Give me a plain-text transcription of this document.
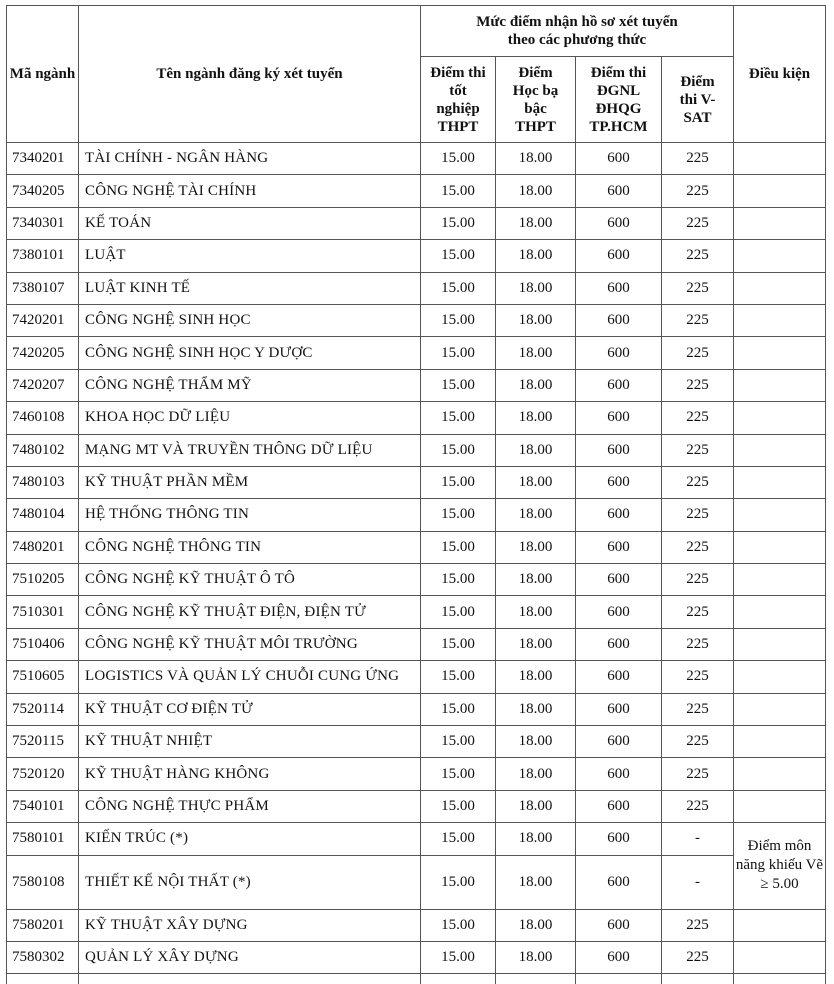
Mã ngành	Tên ngành đăng ký xét tuyển	Mức điểm nhận hồ sơ xét tuyển theo các phương thức				Điều kiện
		Điểm thi tốt nghiệp THPT	Điểm Học bạ bậc THPT	Điểm thi ĐGNL ĐHQG TP.HCM	Điểm thi V-SAT	
7340201	TÀI CHÍNH - NGÂN HÀNG	15.00	18.00	600	225	
7340205	CÔNG NGHỆ TÀI CHÍNH	15.00	18.00	600	225	
7340301	KẾ TOÁN	15.00	18.00	600	225	
7380101	LUẬT	15.00	18.00	600	225	
7380107	LUẬT KINH TẾ	15.00	18.00	600	225	
7420201	CÔNG NGHỆ SINH HỌC	15.00	18.00	600	225	
7420205	CÔNG NGHỆ SINH HỌC Y DƯỢC	15.00	18.00	600	225	
7420207	CÔNG NGHỆ THẨM MỸ	15.00	18.00	600	225	
7460108	KHOA HỌC DỮ LIỆU	15.00	18.00	600	225	
7480102	MẠNG MT VÀ TRUYỀN THÔNG DỮ LIỆU	15.00	18.00	600	225	
7480103	KỸ THUẬT PHẦN MỀM	15.00	18.00	600	225	
7480104	HỆ THỐNG THÔNG TIN	15.00	18.00	600	225	
7480201	CÔNG NGHỆ THÔNG TIN	15.00	18.00	600	225	
7510205	CÔNG NGHỆ KỸ THUẬT Ô TÔ	15.00	18.00	600	225	
7510301	CÔNG NGHỆ KỸ THUẬT ĐIỆN, ĐIỆN TỬ	15.00	18.00	600	225	
7510406	CÔNG NGHỆ KỸ THUẬT MÔI TRƯỜNG	15.00	18.00	600	225	
7510605	LOGISTICS VÀ QUẢN LÝ CHUỖI CUNG ỨNG	15.00	18.00	600	225	
7520114	KỸ THUẬT CƠ ĐIỆN TỬ	15.00	18.00	600	225	
7520115	KỸ THUẬT NHIỆT	15.00	18.00	600	225	
7520120	KỸ THUẬT HÀNG KHÔNG	15.00	18.00	600	225	
7540101	CÔNG NGHỆ THỰC PHẨM	15.00	18.00	600	225	
7580101	KIẾN TRÚC (*)	15.00	18.00	600	-	Điểm môn năng khiếu Vẽ ≥ 5.00
7580108	THIẾT KẾ NỘI THẤT (*)	15.00	18.00	600	-	
7580201	KỸ THUẬT XÂY DỰNG	15.00	18.00	600	225	
7580302	QUẢN LÝ XÂY DỰNG	15.00	18.00	600	225	
